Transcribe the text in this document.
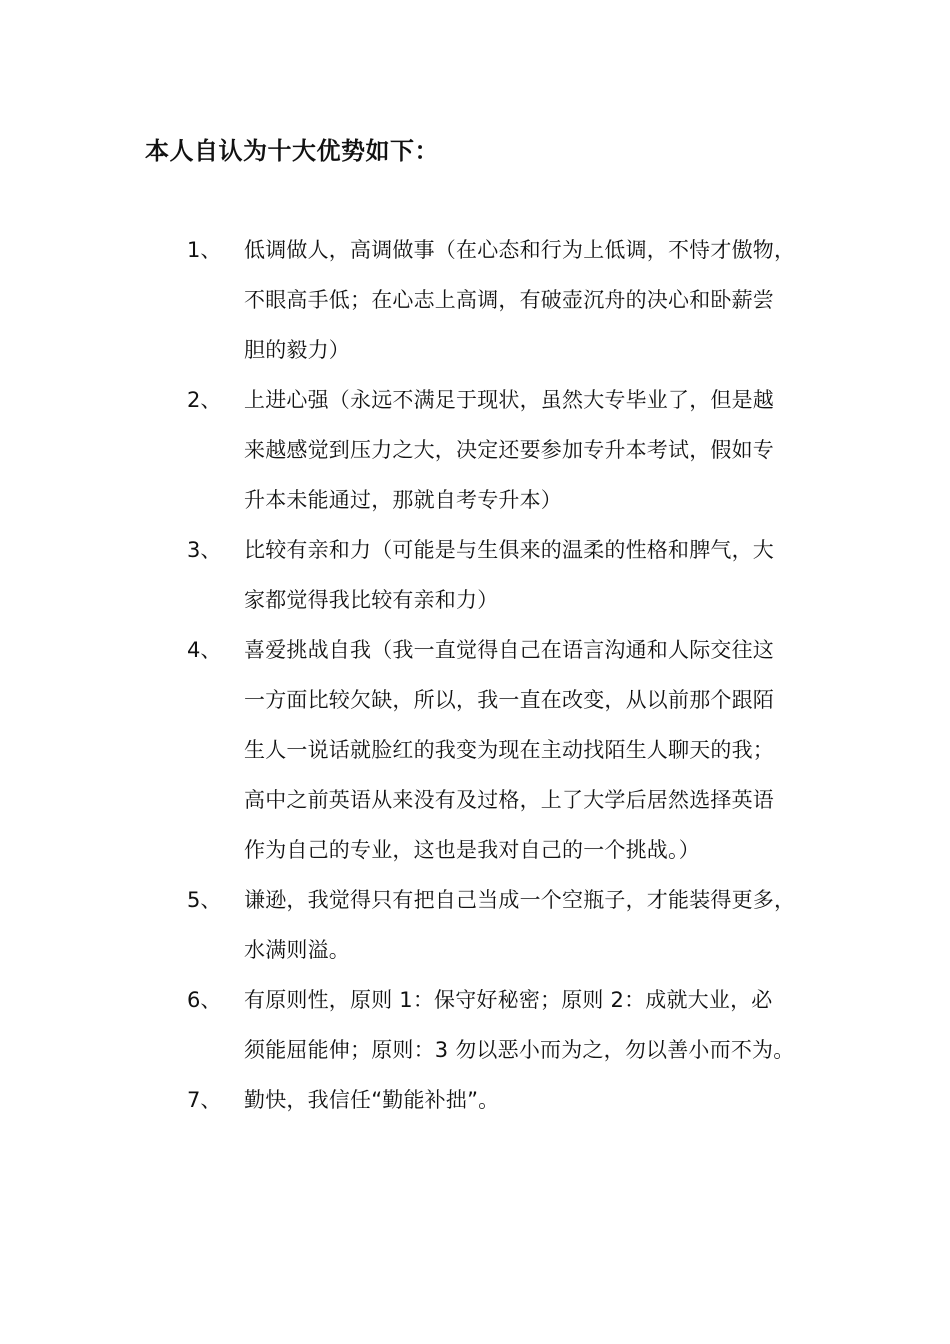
本人自认为十大优势如下：
1、 低调做人，高调做事（在心态和行为上低调，不恃才傲物，
不眼高手低；在心志上高调，有破壶沉舟的决心和卧薪尝
胆的毅力）
2、 上进心强（永远不满足于现状，虽然大专毕业了，但是越
来越感觉到压力之大，决定还要参加专升本考试，假如专
升本未能通过，那就自考专升本）
3、 比较有亲和力（可能是与生俱来的温柔的性格和脾气，大
家都觉得我比较有亲和力）
4、 喜爱挑战自我（我一直觉得自己在语言沟通和人际交往这
一方面比较欠缺，所以，我一直在改变，从以前那个跟陌
生人一说话就脸红的我变为现在主动找陌生人聊天的我；
高中之前英语从来没有及过格，上了大学后居然选择英语
作为自己的专业，这也是我对自己的一个挑战。）
5、 谦逊，我觉得只有把自己当成一个空瓶子，才能装得更多，
水满则溢。
6、 有原则性，原则 1：保守好秘密；原则 2：成就大业，必
须能屈能伸；原则：3 勿以恶小而为之，勿以善小而不为。
7、 勤快，我信任“勤能补拙”。
